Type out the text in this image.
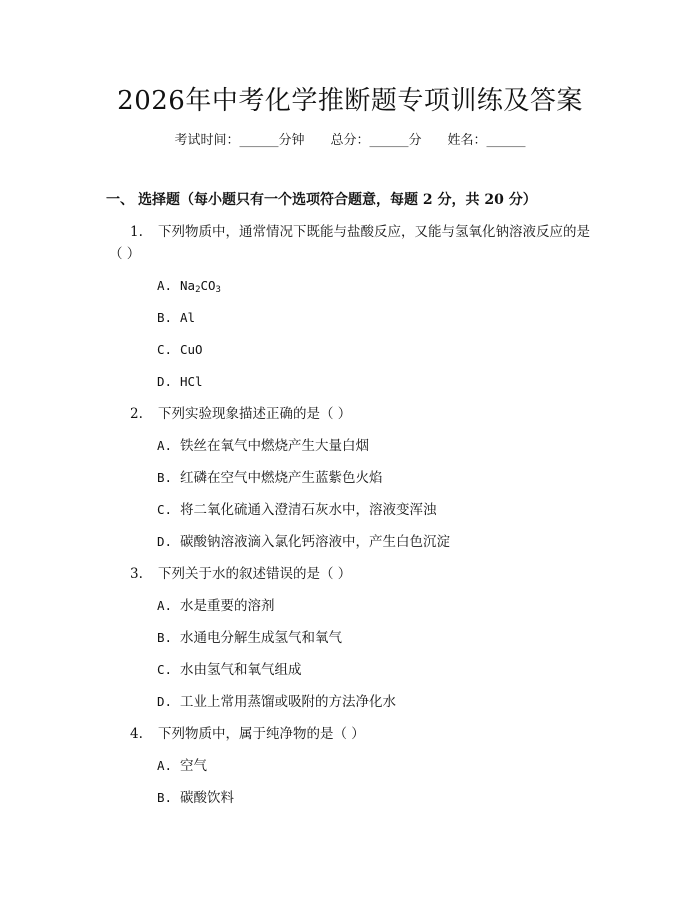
2026年中考化学推断题专项训练及答案
考试时间：______分钟 总分：______分 姓名：______
一、 选择题（每小题只有一个选项符合题意，每题 2 分，共 20 分）
1. 下列物质中，通常情况下既能与盐酸反应，又能与氢氧化钠溶液反应的是
（ ）
A. $Na_2CO_3$
B. Al
C. CuO
D. HCl
2. 下列实验现象描述正确的是（ ）
A. 铁丝在氧气中燃烧产生大量白烟
B. 红磷在空气中燃烧产生蓝紫色火焰
C. 将二氧化硫通入澄清石灰水中，溶液变浑浊
D. 碳酸钠溶液滴入氯化钙溶液中，产生白色沉淀
3. 下列关于水的叙述错误的是（ ）
A. 水是重要的溶剂
B. 水通电分解生成氢气和氧气
C. 水由氢气和氧气组成
D. 工业上常用蒸馏或吸附的方法净化水
4. 下列物质中，属于纯净物的是（ ）
A. 空气
B. 碳酸饮料
